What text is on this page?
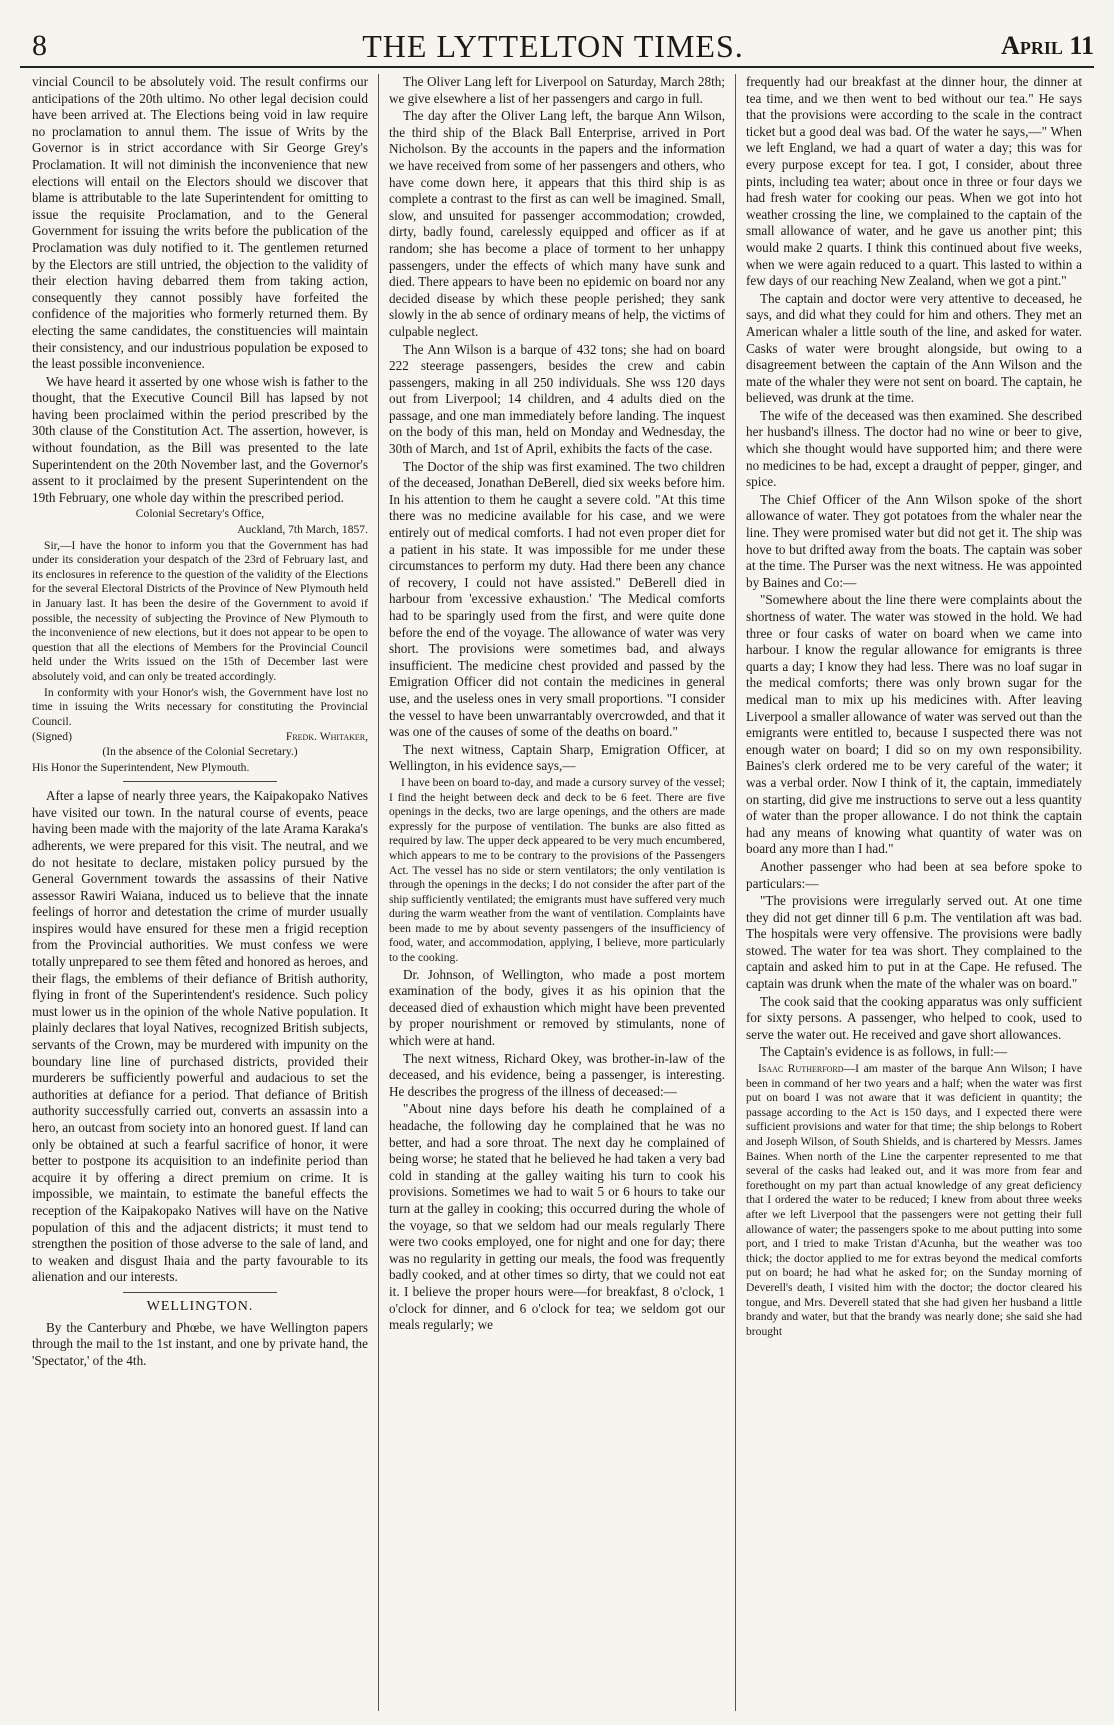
8	THE LYTTELTON TIMES.	April 11

vincial Council to be absolutely void. The result confirms our anticipations of the 20th ultimo. No other legal decision could have been arrived at. The Elections being void in law require no proclamation to annul them. The issue of Writs by the Governor is in strict accordance with Sir George Grey's Proclamation. It will not diminish the inconvenience that new elections will entail on the Electors should we discover that blame is attributable to the late Superintendent for omitting to issue the requisite Proclamation, and to the General Government for issuing the writs before the publication of the Proclamation was duly notified to it. The gentlemen returned by the Electors are still untried, the objection to the validity of their election having debarred them from taking action, consequently they cannot possibly have forfeited the confidence of the majorities who formerly returned them. By electing the same candidates, the constituencies will maintain their consistency, and our industrious population be exposed to the least possible inconvenience.

We have heard it asserted by one whose wish is father to the thought, that the Executive Council Bill has lapsed by not having been proclaimed within the period prescribed by the 30th clause of the Constitution Act. The assertion, however, is without foundation, as the Bill was presented to the late Superintendent on the 20th November last, and the Governor's assent to it proclaimed by the present Superintendent on the 19th February, one whole day within the prescribed period.

Colonial Secretary's Office,

Auckland, 7th March, 1857.

Sir,—I have the honor to inform you that the Government has had under its consideration your despatch of the 23rd of February last, and its enclosures in reference to the question of the validity of the Elections for the several Electoral Districts of the Province of New Plymouth held in January last. It has been the desire of the Government to avoid if possible, the necessity of subjecting the Province of New Plymouth to the inconvenience of new elections, but it does not appear to be open to question that all the elections of Members for the Provincial Council held under the Writs issued on the 15th of December last were absolutely void, and can only be treated accordingly.

In conformity with your Honor's wish, the Government have lost no time in issuing the Writs necessary for constituting the Provincial Council.

(Signed)	Fredk. Whitaker,

(In the absence of the Colonial Secretary.)

His Honor the Superintendent, New Plymouth.

After a lapse of nearly three years, the Kaipakopako Natives have visited our town. In the natural course of events, peace having been made with the majority of the late Arama Karaka's adherents, we were prepared for this visit. The neutral, and we do not hesitate to declare, mistaken policy pursued by the General Government towards the assassins of their Native assessor Rawiri Waiana, induced us to believe that the innate feelings of horror and detestation the crime of murder usually inspires would have ensured for these men a frigid reception from the Provincial authorities. We must confess we were totally unprepared to see them fêted and honored as heroes, and their flags, the emblems of their defiance of British authority, flying in front of the Superintendent's residence. Such policy must lower us in the opinion of the whole Native population. It plainly declares that loyal Natives, recognized British subjects, servants of the Crown, may be murdered with impunity on the boundary line line of purchased districts, provided their murderers be sufficiently powerful and audacious to set the authorities at defiance for a period. That defiance of British authority successfully carried out, converts an assassin into a hero, an outcast from society into an honored guest. If land can only be obtained at such a fearful sacrifice of honor, it were better to postpone its acquisition to an indefinite period than acquire it by offering a direct premium on crime. It is impossible, we maintain, to estimate the baneful effects the reception of the Kaipakopako Natives will have on the Native population of this and the adjacent districts; it must tend to strengthen the position of those adverse to the sale of land, and to weaken and disgust Ihaia and the party favourable to its alienation and our interests.

WELLINGTON.

By the Canterbury and Phœbe, we have Wellington papers through the mail to the 1st instant, and one by private hand, the 'Spectator,' of the 4th.

The Oliver Lang left for Liverpool on Saturday, March 28th; we give elsewhere a list of her passengers and cargo in full.

The day after the Oliver Lang left, the barque Ann Wilson, the third ship of the Black Ball Enterprise, arrived in Port Nicholson. By the accounts in the papers and the information we have received from some of her passengers and others, who have come down here, it appears that this third ship is as complete a contrast to the first as can well be imagined. Small, slow, and unsuited for passenger accommodation; crowded, dirty, badly found, carelessly equipped and officer as if at random; she has become a place of torment to her unhappy passengers, under the effects of which many have sunk and died. There appears to have been no epidemic on board nor any decided disease by which these people perished; they sank slowly in the ab sence of ordinary means of help, the victims of culpable neglect.

The Ann Wilson is a barque of 432 tons; she had on board 222 steerage passengers, besides the crew and cabin passengers, making in all 250 individuals. She wss 120 days out from Liverpool; 14 children, and 4 adults died on the passage, and one man immediately before landing. The inquest on the body of this man, held on Monday and Wednesday, the 30th of March, and 1st of April, exhibits the facts of the case.

The Doctor of the ship was first examined. The two children of the deceased, Jonathan DeBerell, died six weeks before him. In his attention to them he caught a severe cold. "At this time there was no medicine available for his case, and we were entirely out of medical comforts. I had not even proper diet for a patient in his state. It was impossible for me under these circumstances to perform my duty. Had there been any chance of recovery, I could not have assisted." DeBerell died in harbour from 'excessive exhaustion.' 'The Medical comforts had to be sparingly used from the first, and were quite done before the end of the voyage. The allowance of water was very short. The provisions were sometimes bad, and always insufficient. The medicine chest provided and passed by the Emigration Officer did not contain the medicines in general use, and the useless ones in very small proportions. "I consider the vessel to have been unwarrantably overcrowded, and that it was one of the causes of some of the deaths on board."

The next witness, Captain Sharp, Emigration Officer, at Wellington, in his evidence says,—

I have been on board to-day, and made a cursory survey of the vessel; I find the height between deck and deck to be 6 feet. There are five openings in the decks, two are large openings, and the others are made expressly for the purpose of ventilation. The bunks are also fitted as required by law. The upper deck appeared to be very much encumbered, which appears to me to be contrary to the provisions of the Passengers Act. The vessel has no side or stern ventilators; the only ventilation is through the openings in the decks; I do not consider the after part of the ship sufficiently ventilated; the emigrants must have suffered very much during the warm weather from the want of ventilation. Complaints have been made to me by about seventy passengers of the insufficiency of food, water, and accommodation, applying, I believe, more particularly to the cooking.

Dr. Johnson, of Wellington, who made a post mortem examination of the body, gives it as his opinion that the deceased died of exhaustion which might have been prevented by proper nourishment or removed by stimulants, none of which were at hand.

The next witness, Richard Okey, was brother-in-law of the deceased, and his evidence, being a passenger, is interesting. He describes the progress of the illness of deceased:—

"About nine days before his death he complained of a headache, the following day he complained that he was no better, and had a sore throat. The next day he complained of being worse; he stated that he believed he had taken a very bad cold in standing at the galley waiting his turn to cook his provisions. Sometimes we had to wait 5 or 6 hours to take our turn at the galley in cooking; this occurred during the whole of the voyage, so that we seldom had our meals regularly There were two cooks employed, one for night and one for day; there was no regularity in getting our meals, the food was frequently badly cooked, and at other times so dirty, that we could not eat it. I believe the proper hours were—for breakfast, 8 o'clock, 1 o'clock for dinner, and 6 o'clock for tea; we seldom got our meals regularly; we

frequently had our breakfast at the dinner hour, the dinner at tea time, and we then went to bed without our tea." He says that the provisions were according to the scale in the contract ticket but a good deal was bad. Of the water he says,—" When we left England, we had a quart of water a day; this was for every purpose except for tea. I got, I consider, about three pints, including tea water; about once in three or four days we had fresh water for cooking our peas. When we got into hot weather crossing the line, we complained to the captain of the small allowance of water, and he gave us another pint; this would make 2 quarts. I think this continued about five weeks, when we were again reduced to a quart. This lasted to within a few days of our reaching New Zealand, when we got a pint."

The captain and doctor were very attentive to deceased, he says, and did what they could for him and others. They met an American whaler a little south of the line, and asked for water. Casks of water were brought alongside, but owing to a disagreement between the captain of the Ann Wilson and the mate of the whaler they were not sent on board. The captain, he believed, was drunk at the time.

The wife of the deceased was then examined. She described her husband's illness. The doctor had no wine or beer to give, which she thought would have supported him; and there were no medicines to be had, except a draught of pepper, ginger, and spice.

The Chief Officer of the Ann Wilson spoke of the short allowance of water. They got potatoes from the whaler near the line. They were promised water but did not get it. The ship was hove to but drifted away from the boats. The captain was sober at the time. The Purser was the next witness. He was appointed by Baines and Co:—

"Somewhere about the line there were complaints about the shortness of water. The water was stowed in the hold. We had three or four casks of water on board when we came into harbour. I know the regular allowance for emigrants is three quarts a day; I know they had less. There was no loaf sugar in the medical comforts; there was only brown sugar for the medical man to mix up his medicines with. After leaving Liverpool a smaller allowance of water was served out than the emigrants were entitled to, because I suspected there was not enough water on board; I did so on my own responsibility. Baines's clerk ordered me to be very careful of the water; it was a verbal order. Now I think of it, the captain, immediately on starting, did give me instructions to serve out a less quantity of water than the proper allowance. I do not think the captain had any means of knowing what quantity of water was on board any more than I had."

Another passenger who had been at sea before spoke to particulars:—

"The provisions were irregularly served out. At one time they did not get dinner till 6 p.m. The ventilation aft was bad. The hospitals were very offensive. The provisions were badly stowed. The water for tea was short. They complained to the captain and asked him to put in at the Cape. He refused. The captain was drunk when the mate of the whaler was on board."

The cook said that the cooking apparatus was only sufficient for sixty persons. A passenger, who helped to cook, used to serve the water out. He received and gave short allowances.

The Captain's evidence is as follows, in full:—

Isaac Rutherford—I am master of the barque Ann Wilson; I have been in command of her two years and a half; when the water was first put on board I was not aware that it was deficient in quantity; the passage according to the Act is 150 days, and I expected there were sufficient provisions and water for that time; the ship belongs to Robert and Joseph Wilson, of South Shields, and is chartered by Messrs. James Baines. When north of the Line the carpenter represented to me that several of the casks had leaked out, and it was more from fear and forethought on my part than actual knowledge of any great deficiency that I ordered the water to be reduced; I knew from about three weeks after we left Liverpool that the passengers were not getting their full allowance of water; the passengers spoke to me about putting into some port, and I tried to make Tristan d'Acunha, but the weather was too thick; the doctor applied to me for extras beyond the medical comforts put on board; he had what he asked for; on the Sunday morning of Deverell's death, I visited him with the doctor; the doctor cleared his tongue, and Mrs. Deverell stated that she had given her husband a little brandy and water, but that the brandy was nearly done; she said she had brought
